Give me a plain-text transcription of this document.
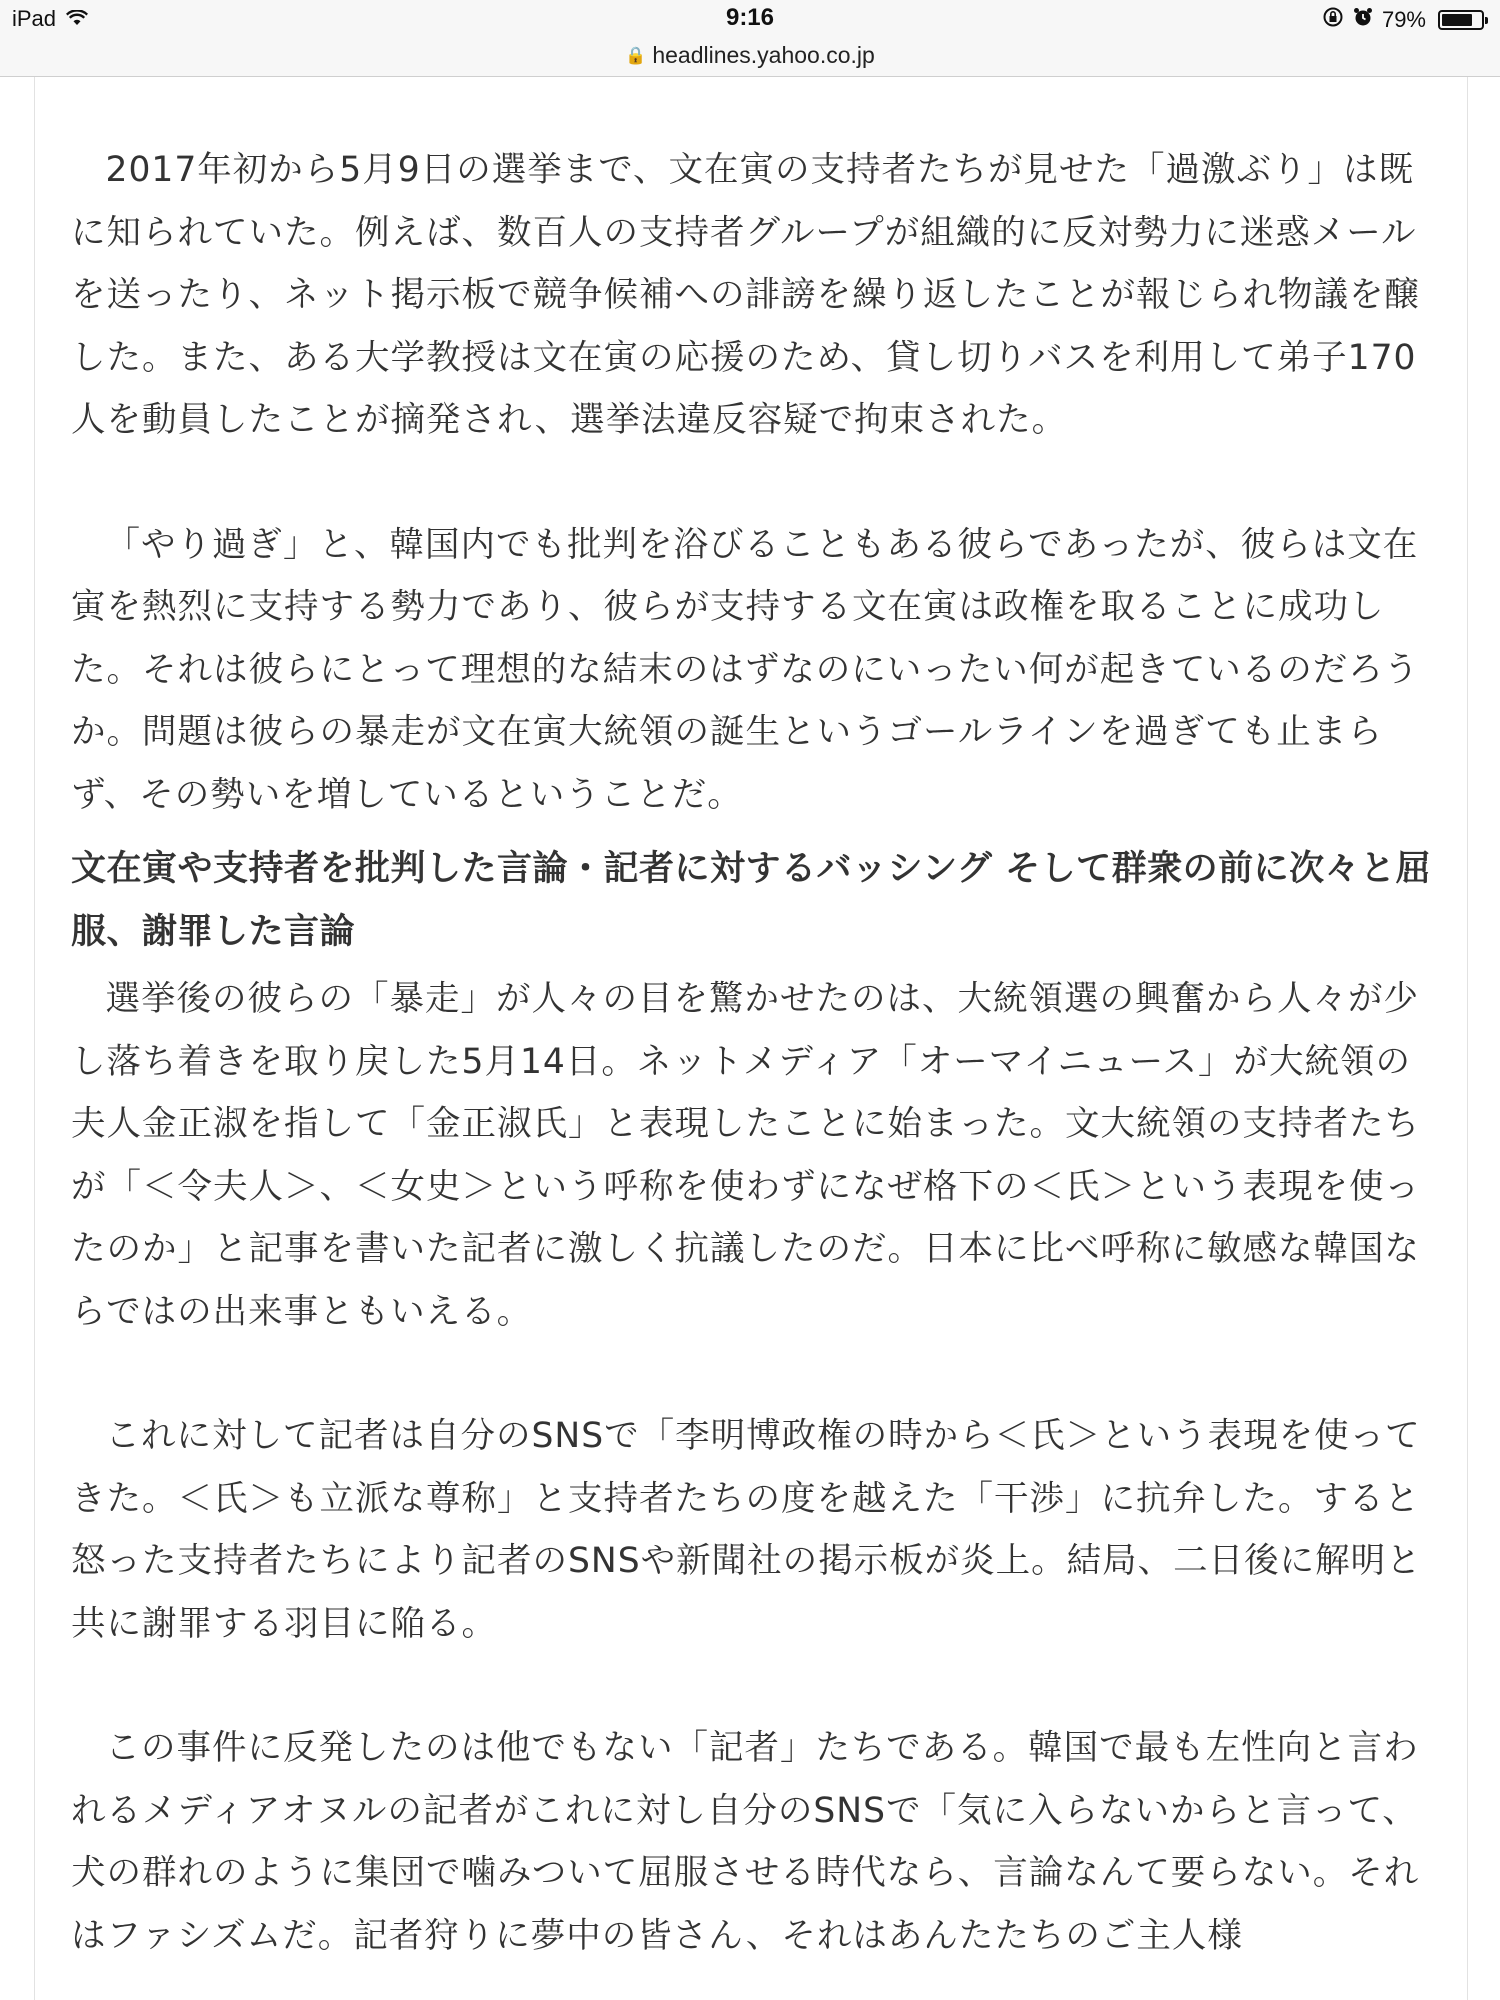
iPad	9:16	79%
🔒 headlines.yahoo.co.jp

2017年初から5月9日の選挙まで、文在寅の支持者たちが見せた「過激ぶり」は既に知られていた。例えば、数百人の支持者グループが組織的に反対勢力に迷惑メールを送ったり、ネット掲示板で競争候補への誹謗を繰り返したことが報じられ物議を醸した。また、ある大学教授は文在寅の応援のため、貸し切りバスを利用して弟子170人を動員したことが摘発され、選挙法違反容疑で拘束された。

「やり過ぎ」と、韓国内でも批判を浴びることもある彼らであったが、彼らは文在寅を熱烈に支持する勢力であり、彼らが支持する文在寅は政権を取ることに成功した。それは彼らにとって理想的な結末のはずなのにいったい何が起きているのだろうか。問題は彼らの暴走が文在寅大統領の誕生というゴールラインを過ぎても止まらず、その勢いを増しているということだ。

文在寅や支持者を批判した言論・記者に対するバッシング そして群衆の前に次々と屈服、謝罪した言論

選挙後の彼らの「暴走」が人々の目を驚かせたのは、大統領選の興奮から人々が少し落ち着きを取り戻した5月14日。ネットメディア「オーマイニュース」が大統領の夫人金正淑を指して「金正淑氏」と表現したことに始まった。文大統領の支持者たちが「＜令夫人＞、＜女史＞という呼称を使わずになぜ格下の＜氏＞という表現を使ったのか」と記事を書いた記者に激しく抗議したのだ。日本に比べ呼称に敏感な韓国ならではの出来事ともいえる。

これに対して記者は自分のSNSで「李明博政権の時から＜氏＞という表現を使ってきた。＜氏＞も立派な尊称」と支持者たちの度を越えた「干渉」に抗弁した。すると怒った支持者たちにより記者のSNSや新聞社の掲示板が炎上。結局、二日後に解明と共に謝罪する羽目に陥る。

この事件に反発したのは他でもない「記者」たちである。韓国で最も左性向と言われるメディアオヌルの記者がこれに対し自分のSNSで「気に入らないからと言って、犬の群れのように集団で噛みついて屈服させる時代なら、言論なんて要らない。それはファシズムだ。記者狩りに夢中の皆さん、それはあんたたちのご主人様
